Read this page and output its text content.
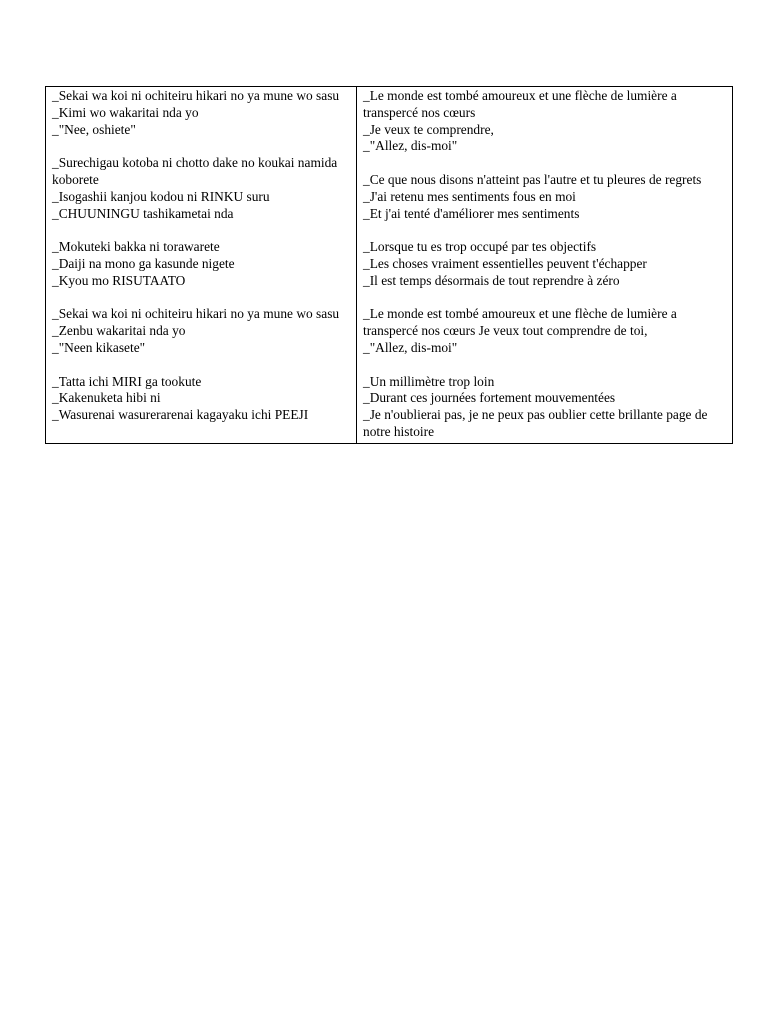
_Sekai wa koi ni ochiteiru hikari no ya mune wo sasu
_Kimi wo wakaritai nda yo
_"Nee, oshiete"
_Surechigau kotoba ni chotto dake no koukai namida koborete
_Isogashii kanjou kodou ni RINKU suru
_CHUUNINGU tashikametai nda
_Mokuteki bakka ni torawarete
_Daiji na mono ga kasunde nigete
_Kyou mo RISUTAATO
_Sekai wa koi ni ochiteiru hikari no ya mune wo sasu
_Zenbu wakaritai nda yo
_"Neen kikasete"
_Tatta ichi MIRI ga tookute
_Kakenuketa hibi ni
_Wasurenai wasurerarenai kagayaku ichi PEEJI

_Le monde est tombé amoureux et une flèche de lumière a transpercé nos cœurs
_Je veux te comprendre,
_"Allez, dis-moi"
_Ce que nous disons n'atteint pas l'autre et tu pleures de regrets
_J'ai retenu mes sentiments fous en moi
_Et j'ai tenté d'améliorer mes sentiments
_Lorsque tu es trop occupé par tes objectifs
_Les choses vraiment essentielles peuvent t'échapper
_Il est temps désormais de tout reprendre à zéro
_Le monde est tombé amoureux et une flèche de lumière a transpercé nos cœurs Je veux tout comprendre de toi,
_"Allez, dis-moi"
_Un millimètre trop loin
_Durant ces journées fortement mouvementées
_Je n'oublierai pas, je ne peux pas oublier cette brillante page de notre histoire
